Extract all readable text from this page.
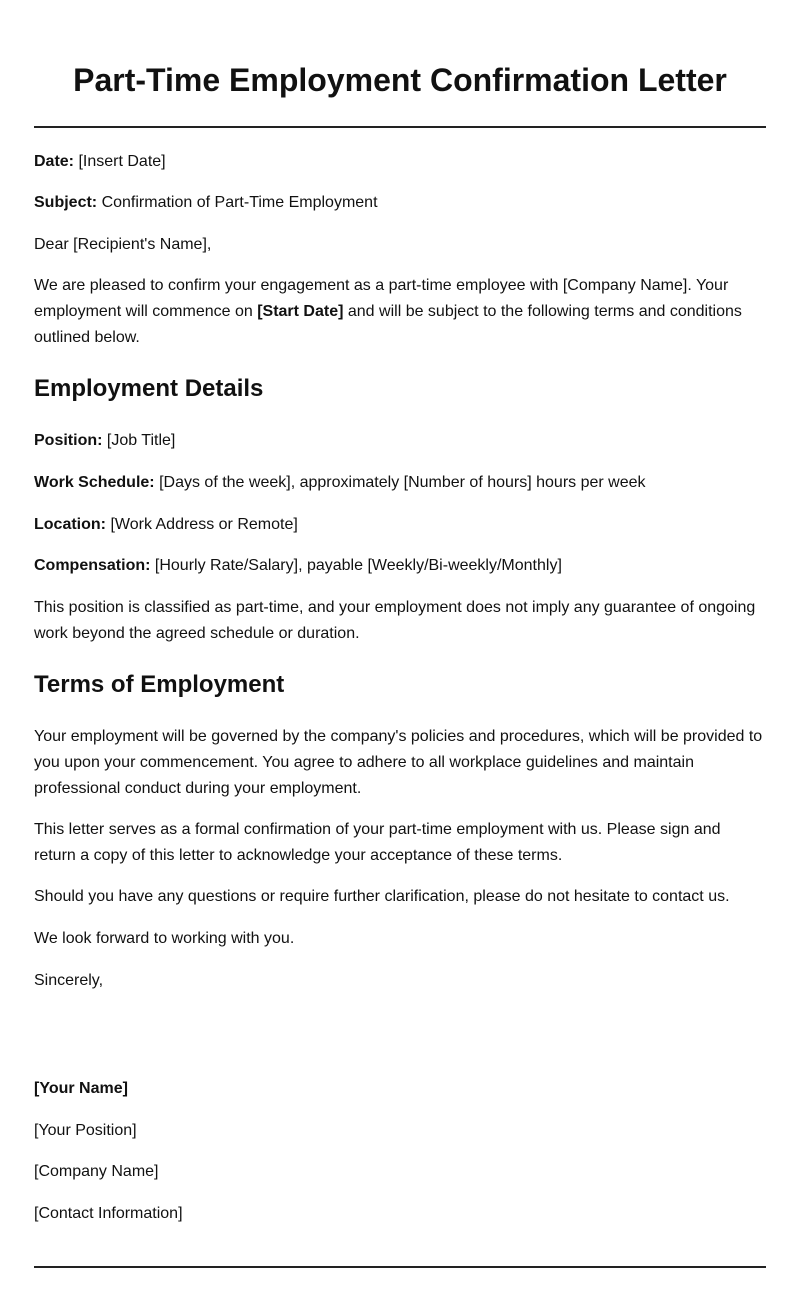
Part-Time Employment Confirmation Letter

Date: [Insert Date]

Subject: Confirmation of Part-Time Employment

Dear [Recipient's Name],

We are pleased to confirm your engagement as a part-time employee with [Company Name]. Your employment will commence on [Start Date] and will be subject to the following terms and conditions outlined below.

Employment Details

Position: [Job Title]

Work Schedule: [Days of the week], approximately [Number of hours] hours per week

Location: [Work Address or Remote]

Compensation: [Hourly Rate/Salary], payable [Weekly/Bi-weekly/Monthly]

This position is classified as part-time, and your employment does not imply any guarantee of ongoing work beyond the agreed schedule or duration.

Terms of Employment

Your employment will be governed by the company's policies and procedures, which will be provided to you upon your commencement. You agree to adhere to all workplace guidelines and maintain professional conduct during your employment.

This letter serves as a formal confirmation of your part-time employment with us. Please sign and return a copy of this letter to acknowledge your acceptance of these terms.

Should you have any questions or require further clarification, please do not hesitate to contact us.

We look forward to working with you.

Sincerely,

[Your Name]

[Your Position]

[Company Name]

[Contact Information]
